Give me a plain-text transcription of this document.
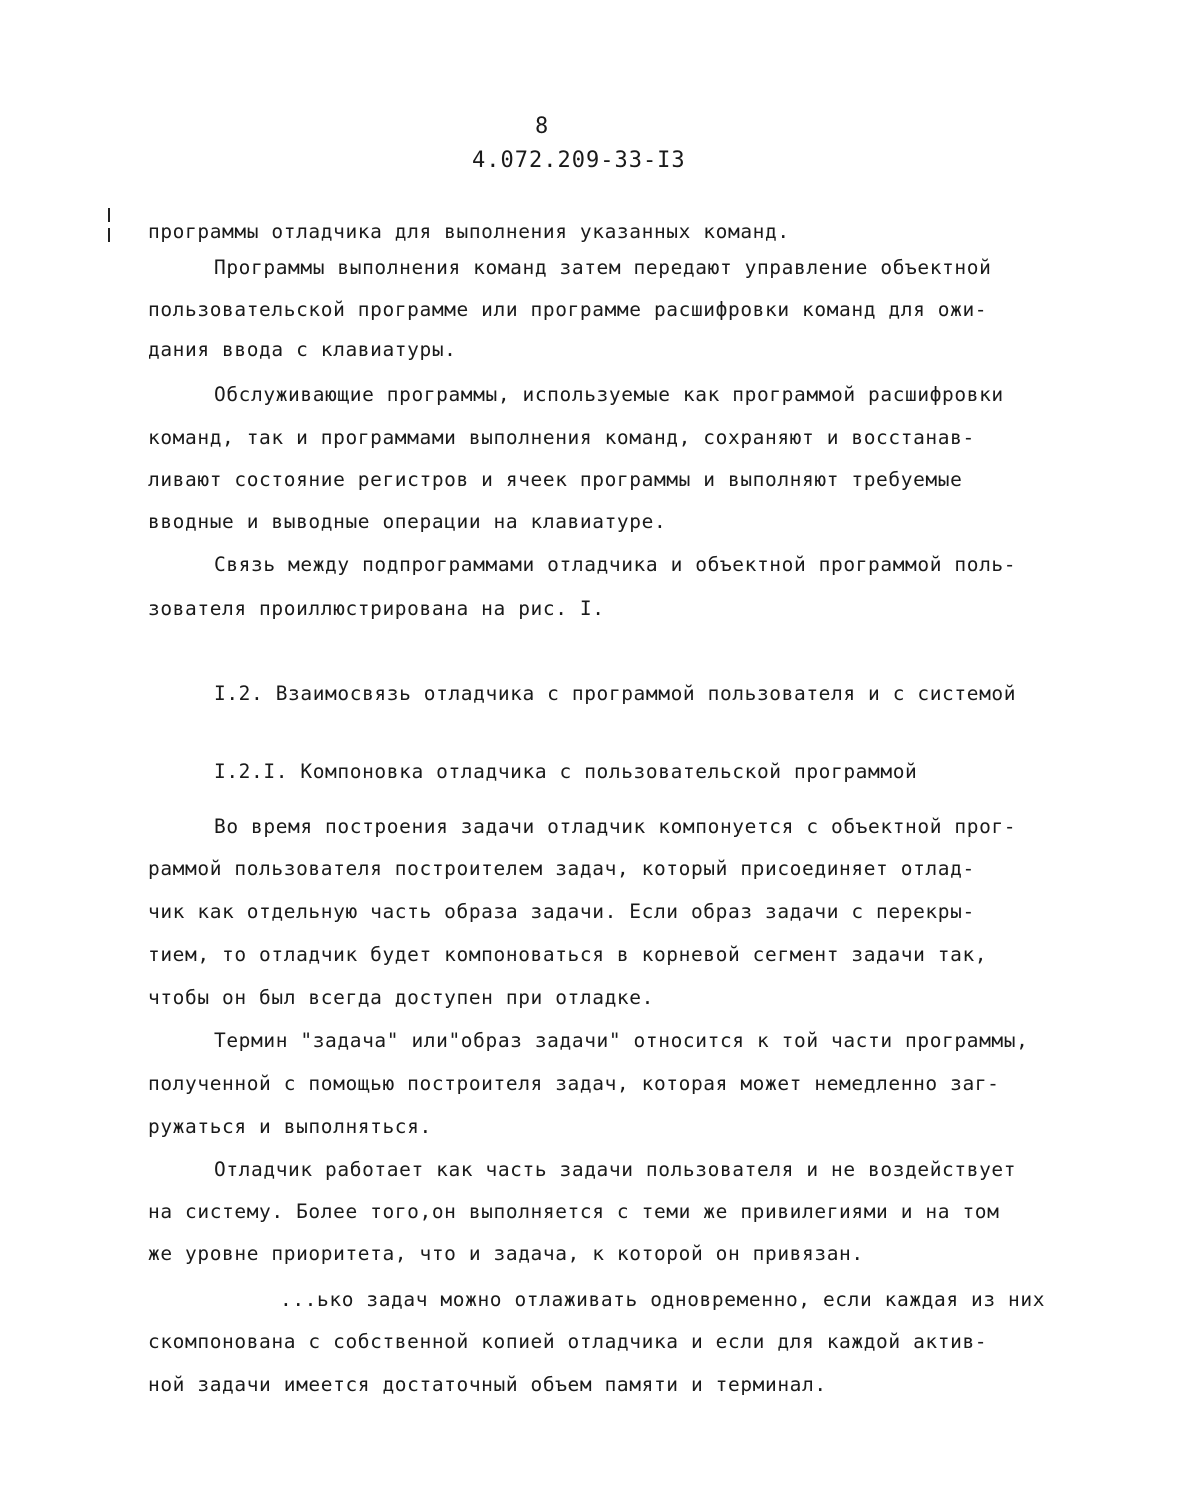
8
4.072.209-33-I3

программы отладчика для выполнения указанных команд.

Программы выполнения команд затем передают управление объектной

пользовательской программе или программе расшифровки команд для ожи-

дания ввода с клавиатуры.

Обслуживающие программы, используемые как программой расшифровки

команд, так и программами выполнения команд, сохраняют и восстанав-

ливают состояние регистров и ячеек программы и выполняют требуемые

вводные и выводные операции на клавиатуре.

Связь между подпрограммами отладчика и объектной программой поль-

зователя проиллюстрирована на рис. I.

I.2. Взаимосвязь отладчика с программой пользователя и с системой

I.2.I. Компоновка отладчика с пользовательской программой

Во время построения задачи отладчик компонуется с объектной прог-

раммой пользователя построителем задач, который присоединяет отлад-

чик как отдельную часть образа задачи. Если образ задачи с перекры-

тием, то отладчик будет компоноваться в корневой сегмент задачи так,

чтобы он был всегда доступен при отладке.

Термин "задача" или"образ задачи" относится к той части программы,

полученной с помощью построителя задач, которая может немедленно заг-

ружаться и выполняться.

Отладчик работает как часть задачи пользователя и не воздействует

на систему. Более того,он выполняется с теми же привилегиями и на том

же уровне приоритета, что и задача, к которой он привязан.

...ько задач можно отлаживать одновременно, если каждая из них

скомпонована с собственной копией отладчика и если для каждой актив-

ной задачи имеется достаточный объем памяти и терминал.
